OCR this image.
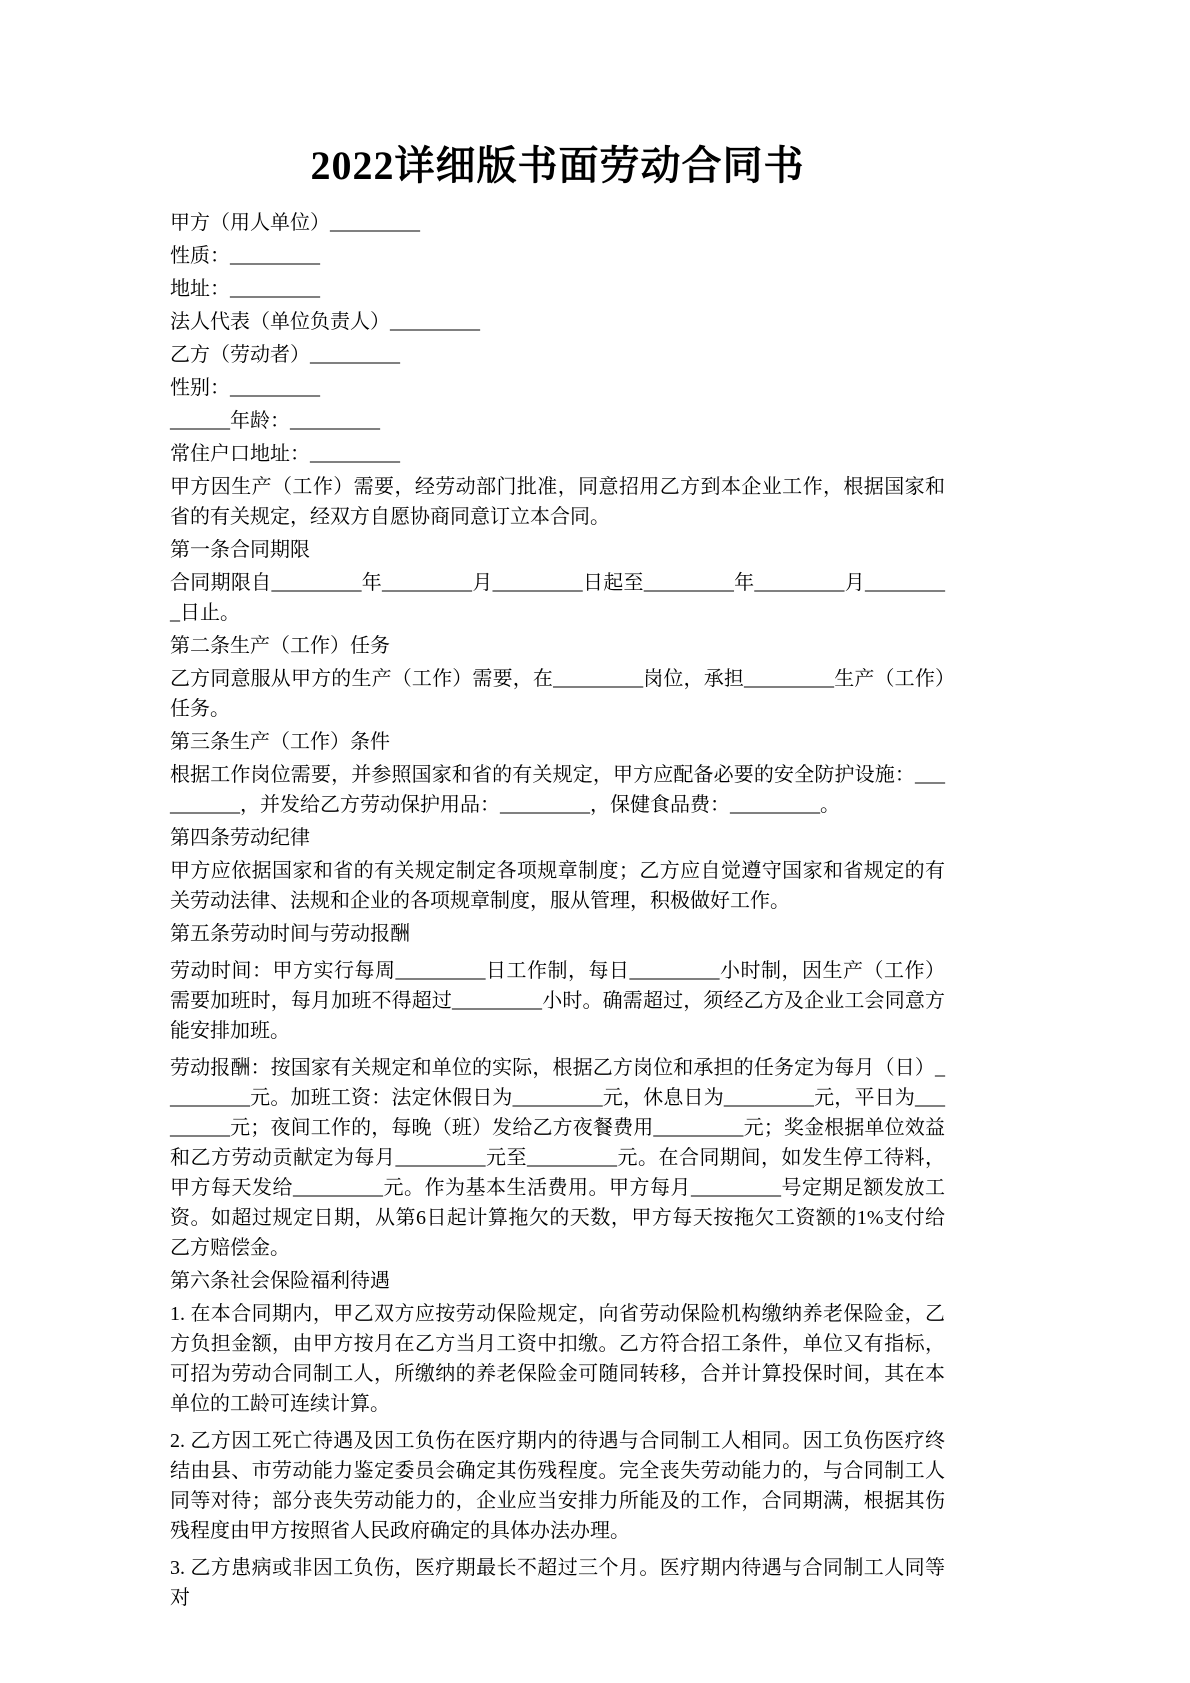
2022详细版书面劳动合同书

甲方（用人单位）_________

性质：_________

地址：_________

法人代表（单位负责人）_________

乙方（劳动者）_________

性别：_________

______年龄：_________

常住户口地址：_________

甲方因生产（工作）需要，经劳动部门批准，同意招用乙方到本企业工作，根据国家和省的有关规定，经双方自愿协商同意订立本合同。

第一条合同期限

合同期限自_________年_________月_________日起至_________年_________月_________日止。

第二条生产（工作）任务

乙方同意服从甲方的生产（工作）需要，在_________岗位，承担_________生产（工作）任务。

第三条生产（工作）条件

根据工作岗位需要，并参照国家和省的有关规定，甲方应配备必要的安全防护设施：__________，并发给乙方劳动保护用品：_________，保健食品费：_________。

第四条劳动纪律

甲方应依据国家和省的有关规定制定各项规章制度；乙方应自觉遵守国家和省规定的有关劳动法律、法规和企业的各项规章制度，服从管理，积极做好工作。

第五条劳动时间与劳动报酬

劳动时间：甲方实行每周_________日工作制，每日_________小时制，因生产（工作）需要加班时，每月加班不得超过_________小时。确需超过，须经乙方及企业工会同意方能安排加班。

劳动报酬：按国家有关规定和单位的实际，根据乙方岗位和承担的任务定为每月（日）_________元。加班工资：法定休假日为_________元，休息日为_________元，平日为_________元；夜间工作的，每晚（班）发给乙方夜餐费用_________元；奖金根据单位效益和乙方劳动贡献定为每月_________元至_________元。在合同期间，如发生停工待料，甲方每天发给_________元。作为基本生活费用。甲方每月_________号定期足额发放工资。如超过规定日期，从第6日起计算拖欠的天数，甲方每天按拖欠工资额的1%支付给乙方赔偿金。

第六条社会保险福利待遇

1. 在本合同期内，甲乙双方应按劳动保险规定，向省劳动保险机构缴纳养老保险金，乙方负担金额，由甲方按月在乙方当月工资中扣缴。乙方符合招工条件，单位又有指标，可招为劳动合同制工人，所缴纳的养老保险金可随同转移，合并计算投保时间，其在本单位的工龄可连续计算。

2. 乙方因工死亡待遇及因工负伤在医疗期内的待遇与合同制工人相同。因工负伤医疗终结由县、市劳动能力鉴定委员会确定其伤残程度。完全丧失劳动能力的，与合同制工人同等对待；部分丧失劳动能力的，企业应当安排力所能及的工作，合同期满，根据其伤残程度由甲方按照省人民政府确定的具体办法办理。

3. 乙方患病或非因工负伤，医疗期最长不超过三个月。医疗期内待遇与合同制工人同等对
